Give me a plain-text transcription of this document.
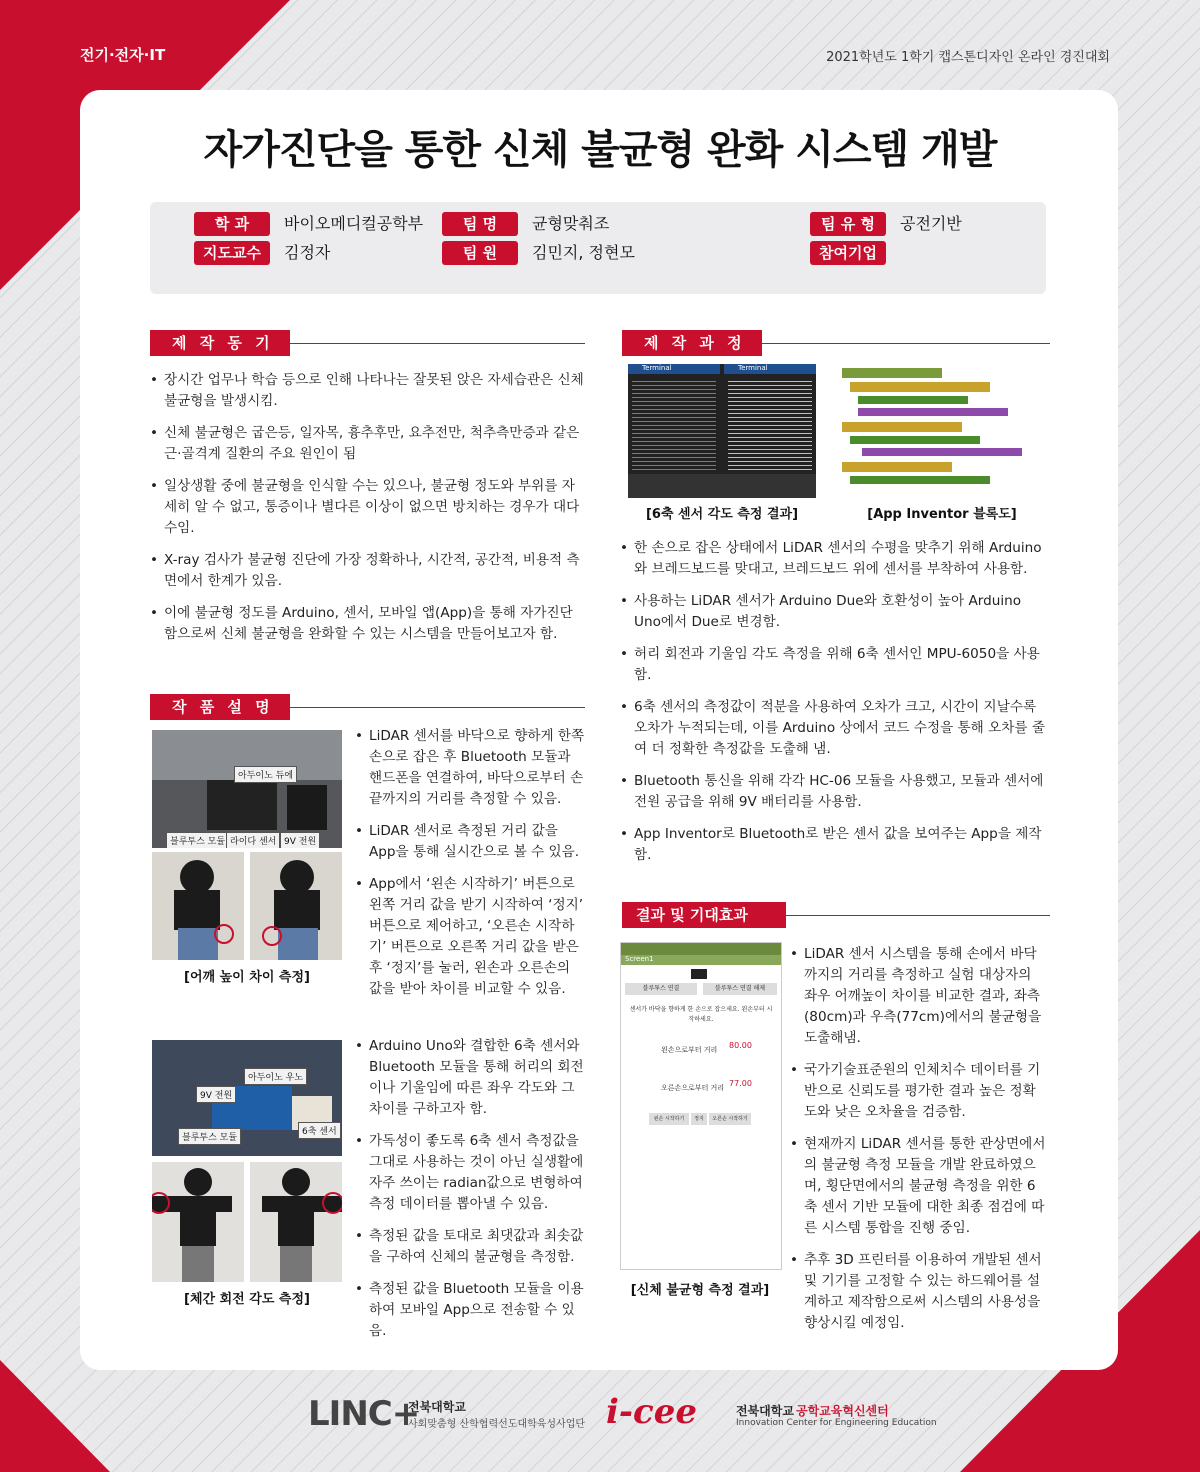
전기·전자·IT	2021학년도 1학기 캡스톤디자인 온라인 경진대회
자가진단을 통한 신체 불균형 완화 시스템 개발
학 과	바이오메디컬공학부
지도교수	김정자
팀 명	균형맞춰조
팀 원	김민지, 정현모
팀 유 형	공전기반
참여기업
제 작 동 기
• 장시간 업무나 학습 등으로 인해 나타나는 잘못된 앉은 자세습관은 신체 불균형을 발생시킴.
• 신체 불균형은 굽은등, 일자목, 흉추후만, 요추전만, 척추측만증과 같은 근·골격계 질환의 주요 원인이 됨
• 일상생활 중에 불균형을 인식할 수는 있으나, 불균형 정도와 부위를 자세히 알 수 없고, 통증이나 별다른 이상이 없으면 방치하는 경우가 대다수임.
• X-ray 검사가 불균형 진단에 가장 정확하나, 시간적, 공간적, 비용적 측면에서 한계가 있음.
• 이에 불균형 정도를 Arduino, 센서, 모바일 앱(App)을 통해 자가진단 함으로써 신체 불균형을 완화할 수 있는 시스템을 만들어보고자 함.
작 품 설 명
아두이노 듀에
블루투스 모듈 라이다 센서 9V 전원
[어깨 높이 차이 측정]
• LiDAR 센서를 바닥으로 향하게 한쪽 손으로 잡은 후 Bluetooth 모듈과 핸드폰을 연결하여, 바닥으로부터 손끝까지의 거리를 측정할 수 있음.
• LiDAR 센서로 측정된 거리 값을 App을 통해 실시간으로 볼 수 있음.
• App에서 ‘왼손 시작하기’ 버튼으로 왼쪽 거리 값을 받기 시작하여 ‘정지’ 버튼으로 제어하고, ‘오른손 시작하기’ 버튼으로 오른쪽 거리 값을 받은 후 ‘정지’를 눌러, 왼손과 오른손의 값을 받아 차이를 비교할 수 있음.
아두이노 우노
9V 전원
블루투스 모듈
6축 센서
[체간 회전 각도 측정]
• Arduino Uno와 결합한 6축 센서와 Bluetooth 모듈을 통해 허리의 회전이나 기울임에 따른 좌우 각도와 그 차이를 구하고자 함.
• 가독성이 좋도록 6축 센서 측정값을 그대로 사용하는 것이 아닌 실생활에 자주 쓰이는 radian값으로 변형하여 측정 데이터를 뽑아낼 수 있음.
• 측정된 값을 토대로 최댓값과 최솟값을 구하여 신체의 불균형을 측정함.
• 측정된 값을 Bluetooth 모듈을 이용하여 모바일 App으로 전송할 수 있음.
제 작 과 정
Terminal	Terminal
[6축 센서 각도 측정 결과]	[App Inventor 블록도]
• 한 손으로 잡은 상태에서 LiDAR 센서의 수평을 맞추기 위해 Arduino와 브레드보드를 맞대고, 브레드보드 위에 센서를 부착하여 사용함.
• 사용하는 LiDAR 센서가 Arduino Due와 호환성이 높아 Arduino Uno에서 Due로 변경함.
• 허리 회전과 기울임 각도 측정을 위해 6축 센서인 MPU-6050을 사용함.
• 6축 센서의 측정값이 적분을 사용하여 오차가 크고, 시간이 지날수록 오차가 누적되는데, 이를 Arduino 상에서 코드 수정을 통해 오차를 줄여 더 정확한 측정값을 도출해 냄.
• Bluetooth 통신을 위해 각각 HC-06 모듈을 사용했고, 모듈과 센서에 전원 공급을 위해 9V 배터리를 사용함.
• App Inventor로 Bluetooth로 받은 센서 값을 보여주는 App을 제작함.
결과 및 기대효과
Screen1
블루투스 연결	블루투스 연결 해제
센서가 바닥을 향하게 한 손으로 잡으세요. 왼손부터 시작하세요.
왼손으로부터 거리 80.00
오른손으로부터 거리 77.00
왼손 시작하기	정지	오른손 시작하기
[신체 불균형 측정 결과]
• LiDAR 센서 시스템을 통해 손에서 바닥까지의 거리를 측정하고 실험 대상자의 좌우 어깨높이 차이를 비교한 결과, 좌측(80cm)과 우측(77cm)에서의 불균형을 도출해냄.
• 국가기술표준원의 인체치수 데이터를 기반으로 신뢰도를 평가한 결과 높은 정확도와 낮은 오차율을 검증함.
• 현재까지 LiDAR 센서를 통한 관상면에서의 불균형 측정 모듈을 개발 완료하였으며, 횡단면에서의 불균형 측정을 위한 6축 센서 기반 모듈에 대한 최종 점검에 따른 시스템 통합을 진행 중임.
• 추후 3D 프린터를 이용하여 개발된 센서 및 기기를 고정할 수 있는 하드웨어를 설계하고 제작함으로써 시스템의 사용성을 향상시킬 예정임.
LINC+
전북대학교
사회맞춤형 산학협력선도대학육성사업단 i-cee	전북대학교 공학교육혁신센터
Innovation Center for Engineering Education
